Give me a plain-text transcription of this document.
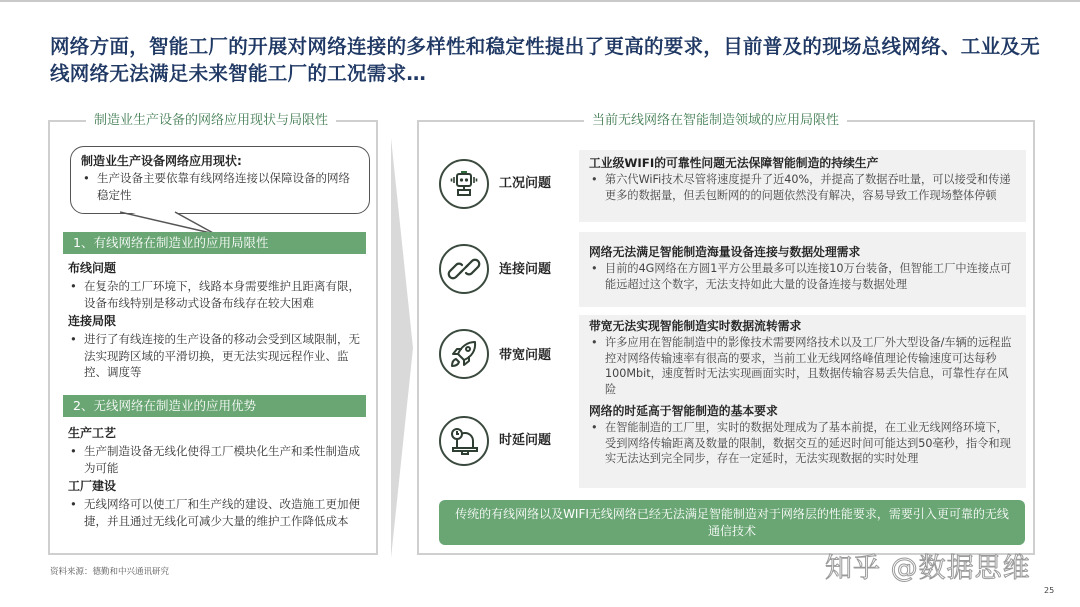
网络方面，智能工厂的开展对网络连接的多样性和稳定性提出了更高的要求，目前普及的现场总线网络、工业及无线网络无法满足未来智能工厂的工况需求…
制造业生产设备的网络应用现状与局限性
制造业生产设备网络应用现状:
• 生产设备主要依靠有线网络连接以保障设备的网络稳定性
1、有线网络在制造业的应用局限性
布线问题
• 在复杂的工厂环境下，线路本身需要维护且距离有限，设备布线特别是移动式设备布线存在较大困难
连接局限
• 进行了有线连接的生产设备的移动会受到区域限制，无法实现跨区域的平滑切换，更无法实现远程作业、监控、调度等
2、无线网络在制造业的应用优势
生产工艺
• 生产制造设备无线化使得工厂模块化生产和柔性制造成为可能
工厂建设
• 无线网络可以使工厂和生产线的建设、改造施工更加便捷，并且通过无线化可减少大量的维护工作降低成本
当前无线网络在智能制造领域的应用局限性
工况问题
工业级WIFI的可靠性问题无法保障智能制造的持续生产
• 第六代WiFi技术尽管将速度提升了近40%，并提高了数据吞吐量，可以接受和传递更多的数据量，但丢包断网的的问题依然没有解决，容易导致工作现场整体停顿
连接问题
网络无法满足智能制造海量设备连接与数据处理需求
• 目前的4G网络在方圆1平方公里最多可以连接10万台装备，但智能工厂中连接点可能远超过这个数字，无法支持如此大量的设备连接与数据处理
带宽问题
带宽无法实现智能制造实时数据流转需求
• 许多应用在智能制造中的影像技术需要网络技术以及工厂外大型设备/车辆的远程监控对网络传输速率有很高的要求，当前工业无线网络峰值理论传输速度可达每秒100Mbit，速度暂时无法实现画面实时，且数据传输容易丢失信息，可靠性存在风险
时延问题
网络的时延高于智能制造的基本要求
• 在智能制造的工厂里，实时的数据处理成为了基本前提，在工业无线网络环境下，受到网络传输距离及数量的限制，数据交互的延迟时间可能达到50毫秒，指令和现实无法达到完全同步，存在一定延时，无法实现数据的实时处理
传统的有线网络以及WIFI无线网络已经无法满足智能制造对于网络层的性能要求，需要引入更可靠的无线通信技术
资料来源：德勤和中兴通讯研究	知乎 @数据思维
25
